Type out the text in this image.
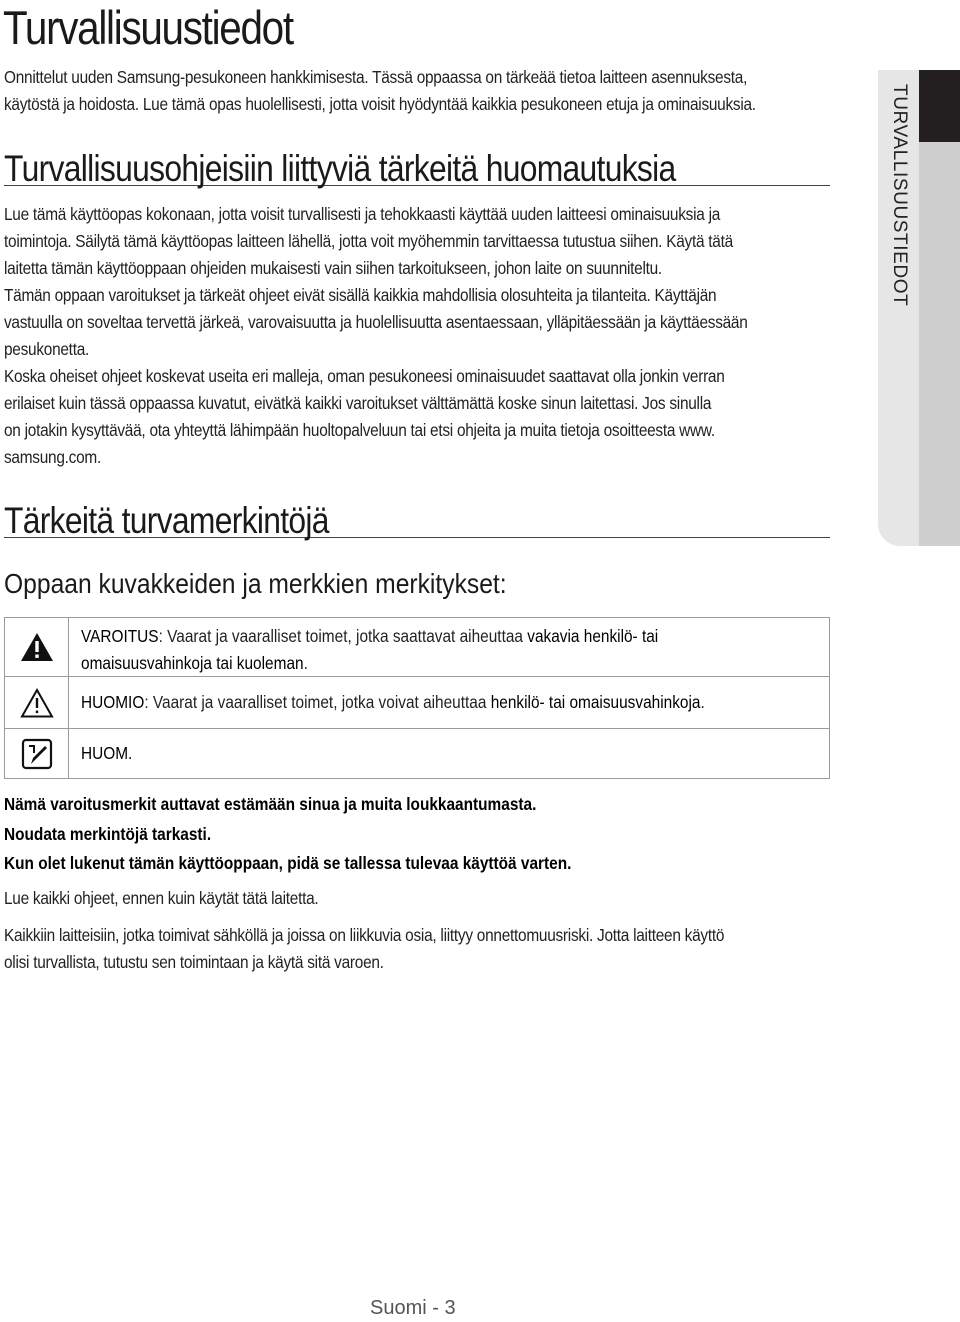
Turvallisuustiedot

Onnittelut uuden Samsung-pesukoneen hankkimisesta. Tässä oppaassa on tärkeää tietoa laitteen asennuksesta,

käytöstä ja hoidosta. Lue tämä opas huolellisesti, jotta voisit hyödyntää kaikkia pesukoneen etuja ja ominaisuuksia.

Turvallisuusohjeisiin liittyviä tärkeitä huomautuksia

Lue tämä käyttöopas kokonaan, jotta voisit turvallisesti ja tehokkaasti käyttää uuden laitteesi ominaisuuksia ja

toimintoja. Säilytä tämä käyttöopas laitteen lähellä, jotta voit myöhemmin tarvittaessa tutustua siihen. Käytä tätä

laitetta tämän käyttöoppaan ohjeiden mukaisesti vain siihen tarkoitukseen, johon laite on suunniteltu.

Tämän oppaan varoitukset ja tärkeät ohjeet eivät sisällä kaikkia mahdollisia olosuhteita ja tilanteita. Käyttäjän

vastuulla on soveltaa tervettä järkeä, varovaisuutta ja huolellisuutta asentaessaan, ylläpitäessään ja käyttäessään

pesukonetta.

Koska oheiset ohjeet koskevat useita eri malleja, oman pesukoneesi ominaisuudet saattavat olla jonkin verran

erilaiset kuin tässä oppaassa kuvatut, eivätkä kaikki varoitukset välttämättä koske sinun laitettasi. Jos sinulla

on jotakin kysyttävää, ota yhteyttä lähimpään huoltopalveluun tai etsi ohjeita ja muita tietoja osoitteesta www.

samsung.com.

Tärkeitä turvamerkintöjä
Oppaan kuvakkeiden ja merkkien merkitykset:
VAROITUS: Vaarat ja vaaralliset toimet, jotka saattavat aiheuttaa vakavia henkilö- tai
omaisuusvahinkoja tai kuoleman.
HUOMIO: Vaarat ja vaaralliset toimet, jotka voivat aiheuttaa henkilö- tai omaisuusvahinkoja.
HUOM.

Nämä varoitusmerkit auttavat estämään sinua ja muita loukkaantumasta.

Noudata merkintöjä tarkasti.

Kun olet lukenut tämän käyttöoppaan, pidä se tallessa tulevaa käyttöä varten.

Lue kaikki ohjeet, ennen kuin käytät tätä laitetta.

Kaikkiin laitteisiin, jotka toimivat sähköllä ja joissa on liikkuvia osia, liittyy onnettomuusriski. Jotta laitteen käyttö

olisi turvallista, tutustu sen toimintaan ja käytä sitä varoen.

TURVALLISUUSTIEDOT
Suomi - 3
